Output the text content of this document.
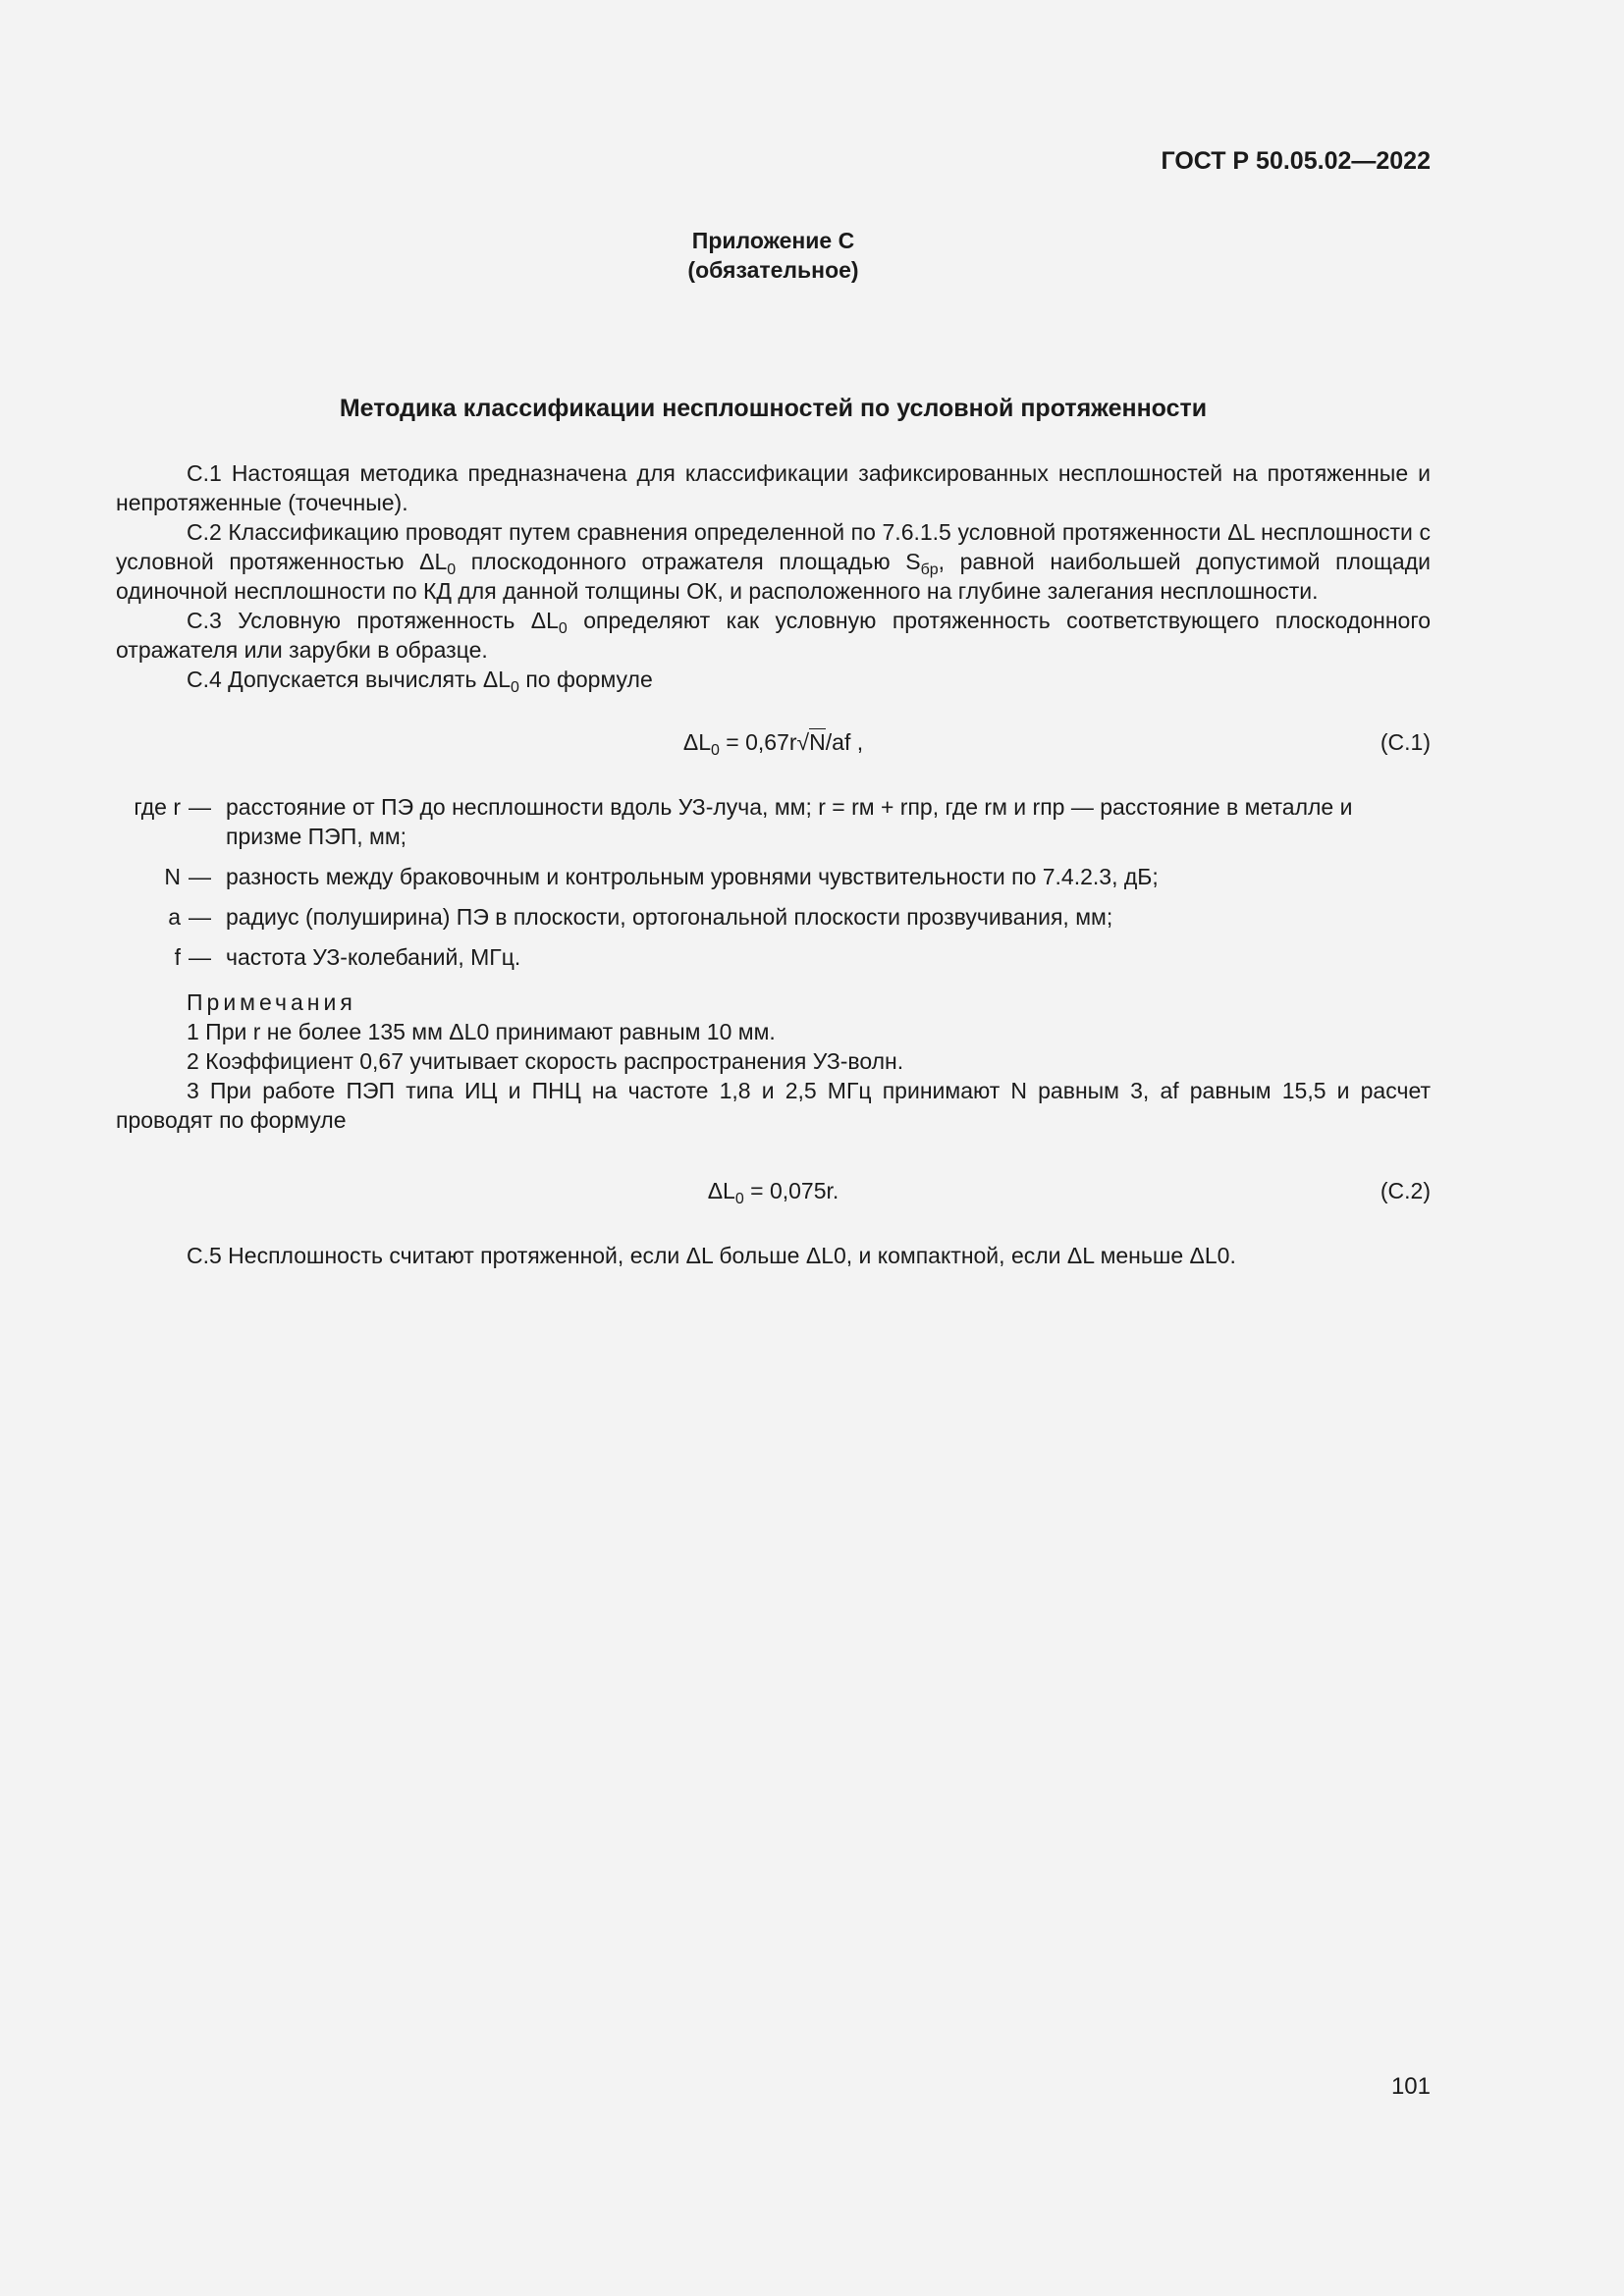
ГОСТ Р 50.05.02—2022
Приложение С
(обязательное)
Методика классификации несплошностей по условной протяженности

С.1 Настоящая методика предназначена для классификации зафиксированных несплошностей на протяженные и непротяженные (точечные).

С.2 Классификацию проводят путем сравнения определенной по 7.6.1.5 условной протяженности ΔL несплошности с условной протяженностью $\Delta L_0$ плоскодонного отражателя площадью $S_{бр}$, равной наибольшей допустимой площади одиночной несплошности по КД для данной толщины ОК, и расположенного на глубине залегания несплошности.

С.3 Условную протяженность $\Delta L_0$ определяют как условную протяженность соответствующего плоскодонного отражателя или зарубки в образце.

С.4 Допускается вычислять $\Delta L_0$ по формуле

$\Delta L_0 = 0,67r√N/af$ ,	(С.1)
где r — расстояние от ПЭ до несплошности вдоль УЗ-луча, мм; r = rм + rпр, где rм и rпр — расстояние в металле и призме ПЭП, мм;
N — разность между браковочным и контрольным уровнями чувствительности по 7.4.2.3, дБ;
a — радиус (полуширина) ПЭ в плоскости, ортогональной плоскости прозвучивания, мм;
f — частота УЗ-колебаний, МГц.
Примечания
1 При r не более 135 мм ΔL0 принимают равным 10 мм.
2 Коэффициент 0,67 учитывает скорость распространения УЗ-волн.
3 При работе ПЭП типа ИЦ и ПНЦ на частоте 1,8 и 2,5 МГц принимают N равным 3, af равным 15,5 и расчет проводят по формуле
$\Delta L_0 = 0,075r$.	(С.2)

С.5 Несплошность считают протяженной, если ΔL больше ΔL0, и компактной, если ΔL меньше ΔL0.

101
